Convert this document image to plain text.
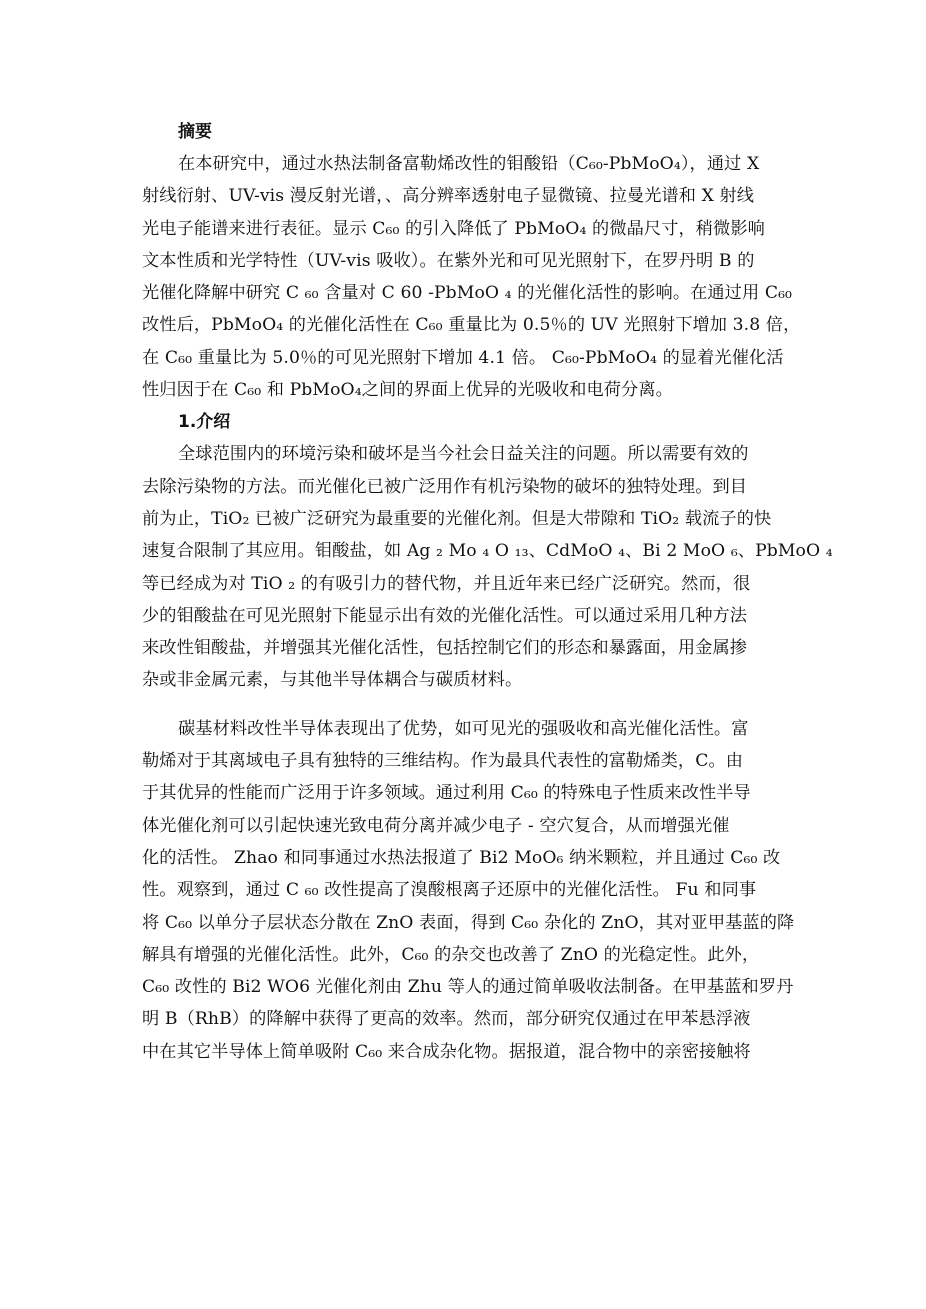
摘要

在本研究中，通过水热法制备富勒烯改性的钼酸铅（C₆₀-PbMoO₄），通过 X

射线衍射、UV-vis 漫反射光谱，、高分辨率透射电子显微镜、拉曼光谱和 X 射线

光电子能谱来进行表征。显示 C₆₀ 的引入降低了 PbMoO₄ 的微晶尺寸，稍微影响

文本性质和光学特性（UV-vis 吸收）。在紫外光和可见光照射下，在罗丹明 B 的

光催化降解中研究 C ₆₀ 含量对 C 60 -PbMoO ₄ 的光催化活性的影响。在通过用 C₆₀

改性后，PbMoO₄ 的光催化活性在 C₆₀ 重量比为 0.5％的 UV 光照射下增加 3.8 倍，

在 C₆₀ 重量比为 5.0％的可见光照射下增加 4.1 倍。 C₆₀-PbMoO₄ 的显着光催化活

性归因于在 C₆₀ 和 PbMoO₄之间的界面上优异的光吸收和电荷分离。

1.介绍

全球范围内的环境污染和破坏是当今社会日益关注的问题。所以需要有效的

去除污染物的方法。而光催化已被广泛用作有机污染物的破坏的独特处理。到目

前为止，TiO₂ 已被广泛研究为最重要的光催化剂。但是大带隙和 TiO₂ 载流子的快

速复合限制了其应用。钼酸盐，如 Ag ₂ Mo ₄ O ₁₃、CdMoO ₄、Bi 2 MoO ₆、PbMoO ₄

等已经成为对 TiO ₂ 的有吸引力的替代物，并且近年来已经广泛研究。然而，很

少的钼酸盐在可见光照射下能显示出有效的光催化活性。可以通过采用几种方法

来改性钼酸盐，并增强其光催化活性，包括控制它们的形态和暴露面，用金属掺

杂或非金属元素，与其他半导体耦合与碳质材料。

碳基材料改性半导体表现出了优势，如可见光的强吸收和高光催化活性。富

勒烯对于其离域电子具有独特的三维结构。作为最具代表性的富勒烯类，C。由

于其优异的性能而广泛用于许多领域。通过利用 C₆₀ 的特殊电子性质来改性半导

体光催化剂可以引起快速光致电荷分离并减少电子 - 空穴复合，从而增强光催

化的活性。 Zhao 和同事通过水热法报道了 Bi2 MoO₆ 纳米颗粒，并且通过 C₆₀ 改

性。观察到，通过 C ₆₀ 改性提高了溴酸根离子还原中的光催化活性。 Fu 和同事

将 C₆₀ 以单分子层状态分散在 ZnO 表面，得到 C₆₀ 杂化的 ZnO，其对亚甲基蓝的降

解具有增强的光催化活性。此外，C₆₀ 的杂交也改善了 ZnO 的光稳定性。此外，

C₆₀ 改性的 Bi2 WO6 光催化剂由 Zhu 等人的通过简单吸收法制备。在甲基蓝和罗丹

明 B（RhB）的降解中获得了更高的效率。然而，部分研究仅通过在甲苯悬浮液

中在其它半导体上简单吸附 C₆₀ 来合成杂化物。据报道，混合物中的亲密接触将
